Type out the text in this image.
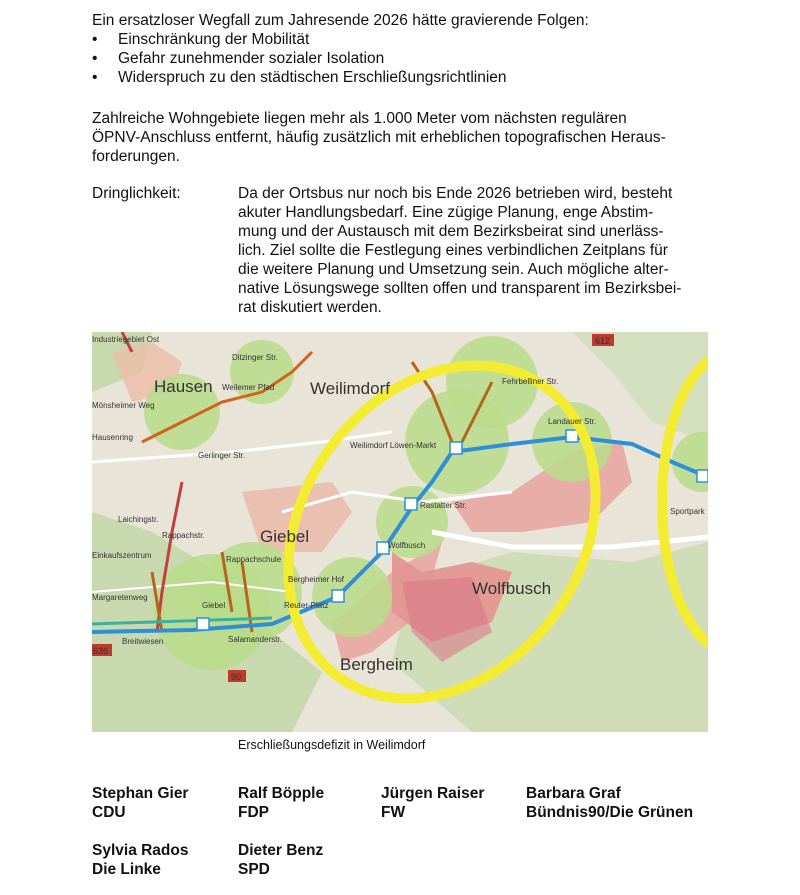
Ein ersatzloser Wegfall zum Jahresende 2026 hätte gravierende Folgen:
• Einschränkung der Mobilität
• Gefahr zunehmender sozialer Isolation
• Widerspruch zu den städtischen Erschließungsrichtlinien
Zahlreiche Wohngebiete liegen mehr als 1.000 Meter vom nächsten regulären
ÖPNV-Anschluss entfernt, häufig zusätzlich mit erheblichen topografischen Heraus-
forderungen.
Dringlichkeit:	Da der Ortsbus nur noch bis Ende 2026 betrieben wird, besteht
akuter Handlungsbedarf. Eine zügige Planung, enge Abstim-
mung und der Austausch mit dem Bezirksbeirat sind unerläss-
lich. Ziel sollte die Festlegung eines verbindlichen Zeitplans für
die weitere Planung und Umsetzung sein. Auch mögliche alter-
native Lösungswege sollten offen und transparent im Bezirksbei-
rat diskutiert werden.
612
90
636
Hausen	Weilimdorf
Giebel
Wolfbusch
Bergheim
Industriegebiet Ost
Ditzinger Str.
Weilemer Pfad
Mönsheimer Weg
Hausenring
Gerlinger Str.
Weilimdorf Löwen-Markt
Fehrbelliner Str.
Landauer Str.
Rastatter Str.
Wolfbusch
Laichingstr.
Rappachstr.
Rappachschule
Einkaufszentrum
Giebel
Bergheimer Hof
Reuter-Platz
Salamanderstr.
Margaretenweg
Breitwiesen
Sportpark
Erschließungsdefizit in Weilimdorf
Stephan Gier
CDU
Ralf Böpple
FDP
Jürgen Raiser
FW
Barbara Graf
Bündnis90/Die Grünen
Sylvia Rados
Die Linke
Dieter Benz
SPD
